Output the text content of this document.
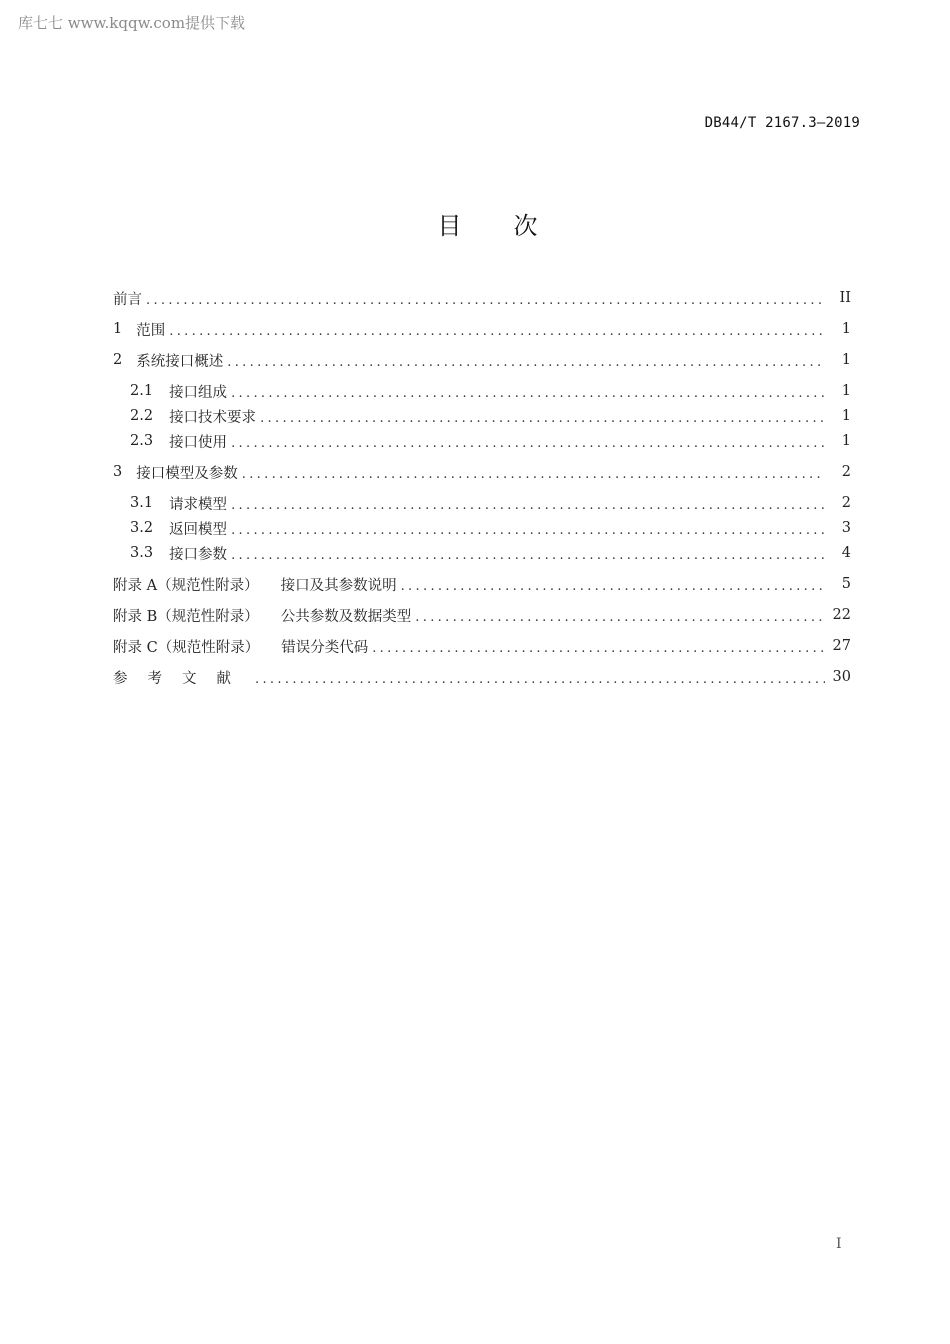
库七七 www.kqqw.com提供下载
DB44/T 2167.3—2019
目 次
前言 . . .	II
1 范围 . . .	1
2 系统接口概述 . . .	1
2.1 接口组成 . . .	1
2.2 接口技术要求 . . .	1
2.3 接口使用 . . .	1
3 接口模型及参数 . . .	2
3.1 请求模型 . . .	2
3.2 返回模型 . . .	3
3.3 接口参数 . . .	4
附录 A（规范性附录） 接口及其参数说明 . . .	5
附录 B（规范性附录） 公共参数及数据类型 . . .	22
附录 C（规范性附录） 错误分类代码 . . .	27
参考文献 . . .	30
I
